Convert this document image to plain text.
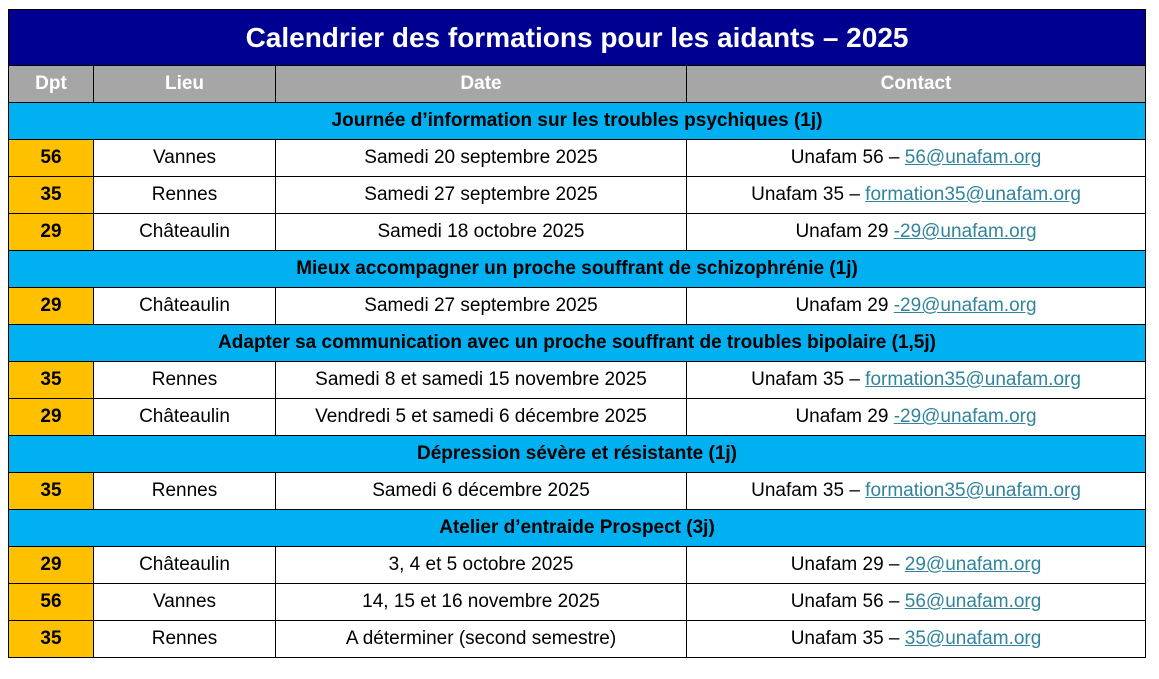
Calendrier des formations pour les aidants – 2025			
Dpt	Lieu	Date	Contact
Journée d’information sur les troubles psychiques (1j)			
56	Vannes	Samedi 20 septembre 2025	Unafam 56 – 56@unafam.org
35	Rennes	Samedi 27 septembre 2025	Unafam 35 – formation35@unafam.org
29	Châteaulin	Samedi 18 octobre 2025	Unafam 29 -29@unafam.org
Mieux accompagner un proche souffrant de schizophrénie (1j)			
29	Châteaulin	Samedi 27 septembre 2025	Unafam 29 -29@unafam.org
Adapter sa communication avec un proche souffrant de troubles bipolaire (1,5j)			
35	Rennes	Samedi 8 et samedi 15 novembre 2025	Unafam 35 – formation35@unafam.org
29	Châteaulin	Vendredi 5 et samedi 6 décembre 2025	Unafam 29 -29@unafam.org
Dépression sévère et résistante (1j)			
35	Rennes	Samedi 6 décembre 2025	Unafam 35 – formation35@unafam.org
Atelier d’entraide Prospect (3j)			
29	Châteaulin	3, 4 et 5 octobre 2025	Unafam 29 – 29@unafam.org
56	Vannes	14, 15 et 16 novembre 2025	Unafam 56 – 56@unafam.org
35	Rennes	A déterminer (second semestre)	Unafam 35 – 35@unafam.org
